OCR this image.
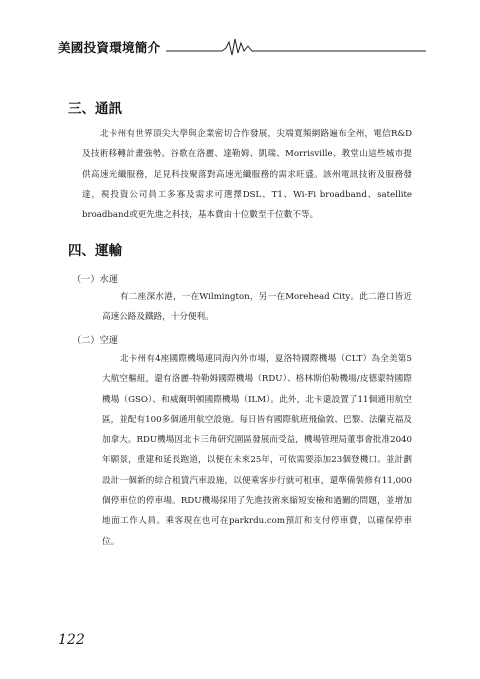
美國投資環境簡介
三、通訊
北卡州有世界頂尖大學與企業密切合作發展，尖端寬頻網路遍布全州，電信R&D及技術移轉計畫強勢。谷歌在洛麗、達勒姆、凱瑞、Morrisville、教堂山這些城市提供高速光纖服務，足見科技聚落對高速光纖服務的需求旺盛。該州電訊技術及服務發達，視投資公司員工多寡及需求可選擇DSL、T1、Wi-Fi broadband、satellite broadband或更先進之科技，基本費由十位數至千位數不等。
四、運輸
（一）水運
有二座深水港，一在Wilmington，另一在Morehead City。此二港口皆近高速公路及鐵路，十分便利。
（二）空運
北卡州有4座國際機場連同海內外市場，夏洛特國際機場（CLT）為全美第5大航空樞紐，還有洛麗-特勒姆國際機場（RDU）、格林斯伯勒機場/皮德蒙特國際機場（GSO）、和威爾明頓國際機場（ILM）。此外，北卡還設置了11個通用航空區，並配有100多個通用航空設施。每日皆有國際航班飛倫敦、巴黎、法蘭克福及加拿大。RDU機場因北卡三角研究園區發展而受益，機場管理局董事會批准2040年願景，重建和延長跑道，以便在未來25年，可依需要添加23個登機口。並計劃設計一個新的綜合租賃汽車設施，以便乘客步行就可租車，還準備裝修有11,000個停車位的停車場。RDU機場採用了先進技術來縮短安檢和過關的問題，並增加地面工作人員。乘客現在也可在parkrdu.com預訂和支付停車費，以確保停車位。
122
